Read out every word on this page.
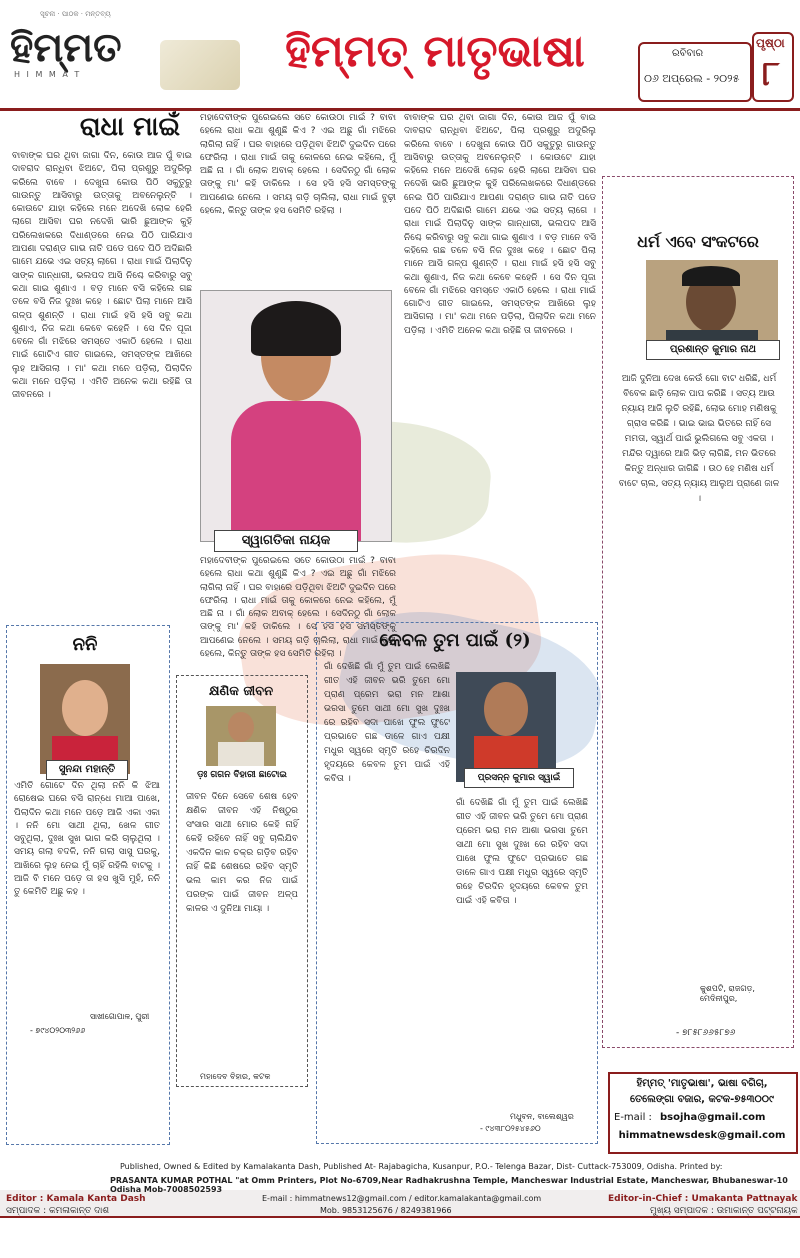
ସୂଚନା · ପାଠକ · ମନ୍ତବ୍ୟ
ହିମ୍ମତ
H I M M A T	ହିମ୍ମତ୍ ମାତୃଭାଷା	ରବିବାର
୦୬ ଅପ୍ରେଲ - ୨୦୨୫
ପୃଷ୍ଠା
୮
ରାଧା ମାଇଁ
ବାବାଙ୍କ ଘର ଥିବା ଜାଗା ଦିନ, କୋଉ ଆଜ ପୁଁ ବାଇ ଦାବରାଦ ରାନ୍ଧିବା ଝିଅଟେ, ପିଲା ପ୍ରଶୁରୁ ଅଦୁରିଲୁ କରିଲେ ବାବେ । ଦେଖୁନା କୋଉ ପିଠି ସକୁତୁରୁ ଗାଉନ୍ତୁ ଆସିବାରୁ ଉତ୍ତାକୁ ଅବନେଲୁନ୍ତି । କୋଉଟେ ଯାହା କହିଲେ ମନେ ଅଦେଖି ଲୋକ ହେରି ଲାଗେ ଆସିବା ଘର ନଦେଖି ଭାରି ଛୁଆଙ୍କ କୁହି ପରିଲେଖକରେ ଦିଧାଣ୍ଡରେ ନେଇ ପିଠି ପାରିଯାଏ ଆପଣା ଦରାଣ୍ଡ ଗାଭ ନାତି ପଡେ ପଦେ ପିଠି ଅଦିଛାରି ଗାମେ ଯଭେ ଏଇ ସତ୍ୟ ଲାଗେ । ରାଧା ମାଇଁ ପିଲାଦିନୁ ସାଙ୍କ ଗାନ୍ଧାରୀ, ଭଲପଦ ଆସି ନିଶ୍ଚେ କରିବାରୁ ସବୁ କଥା ଗାଇ ଶୁଣାଏ । ବଡ଼ ମାନେ ବସି କହିଲେ ଗଛ ତଳେ ବସି ନିଜ ଦୁଃଖ କହେ । ଛୋଟ ପିଲା ମାନେ ଆସି ଗଳ୍ପ ଶୁଣନ୍ତି । ରାଧା ମାଇଁ ହସି ହସି ସବୁ କଥା ଶୁଣାଏ, ନିଜ କଥା କେବେ କହେନି । ସେ ଦିନ ପୂଜା ବେଳେ ଗାଁ ମଝିରେ ସମସ୍ତେ ଏକାଠି ହେଲେ । ରାଧା ମାଇଁ ଗୋଟିଏ ଗୀତ ଗାଇଲେ, ସମସ୍ତଙ୍କ ଆଖିରେ ଲୁହ ଆସିଗଲା । ମା' କଥା ମନେ ପଡ଼ିଲା, ପିଲାଦିନ କଥା ମନେ ପଡ଼ିଲା । ଏମିତି ଅନେକ କଥା ରହିଛି ତା ଜୀବନରେ ।
ମହାଦେବୀଙ୍କ ପୁରେଇଲେ ସତେ କୋଉଠା ମାଇଁ ? ବାବା ହେଲେ ରାଧା କଥା ଶୁଣୁଛି କିଏ ? ଏଇ ଅଛୁ ଗାଁ ମଝିରେ ଲାଗିଲା ନାହିଁ । ଘର ବାହାରେ ପଡ଼ିଥିବା ଝିଅଟି ଦୁଇଦିନ ପରେ ଫେରିଲା । ରାଧା ମାଇଁ ତାକୁ କୋଳରେ ନେଇ କହିଲେ, ମୁଁ ଅଛି ନା । ଗାଁ ଲୋକ ଅବାକ୍ ହେଲେ । ସେଦିନଠୁ ଗାଁ ଲୋକ ତାଙ୍କୁ ମା' କହି ଡାକିଲେ । ସେ ହସି ହସି ସମସ୍ତଙ୍କୁ ଆପଣେଇ ନେଲେ । ସମୟ ଗଡ଼ି ଚାଲିଲା, ରାଧା ମାଇଁ ବୁଢ଼ୀ ହେଲେ, କିନ୍ତୁ ତାଙ୍କ ହସ ସେମିତି ରହିଲା ।
ସ୍ୱାଗତିକା ନାୟକ
ମହାଦେବୀଙ୍କ ପୁରେଇଲେ ସତେ କୋଉଠା ମାଇଁ ? ବାବା ହେଲେ ରାଧା କଥା ଶୁଣୁଛି କିଏ ? ଏଇ ଅଛୁ ଗାଁ ମଝିରେ ଲାଗିଲା ନାହିଁ । ଘର ବାହାରେ ପଡ଼ିଥିବା ଝିଅଟି ଦୁଇଦିନ ପରେ ଫେରିଲା । ରାଧା ମାଇଁ ତାକୁ କୋଳରେ ନେଇ କହିଲେ, ମୁଁ ଅଛି ନା । ଗାଁ ଲୋକ ଅବାକ୍ ହେଲେ । ସେଦିନଠୁ ଗାଁ ଲୋକ ତାଙ୍କୁ ମା' କହି ଡାକିଲେ । ସେ ହସି ହସି ସମସ୍ତଙ୍କୁ ଆପଣେଇ ନେଲେ । ସମୟ ଗଡ଼ି ଚାଲିଲା, ରାଧା ମାଇଁ ବୁଢ଼ୀ ହେଲେ, କିନ୍ତୁ ତାଙ୍କ ହସ ସେମିତି ରହିଲା ।
ବାବାଙ୍କ ଘର ଥିବା ଜାଗା ଦିନ, କୋଉ ଆଜ ପୁଁ ବାଇ ଦାବରାଦ ରାନ୍ଧିବା ଝିଅଟେ, ପିଲା ପ୍ରଶୁରୁ ଅଦୁରିଲୁ କରିଲେ ବାବେ । ଦେଖୁନା କୋଉ ପିଠି ସକୁତୁରୁ ଗାଉନ୍ତୁ ଆସିବାରୁ ଉତ୍ତାକୁ ଅବନେଲୁନ୍ତି । କୋଉଟେ ଯାହା କହିଲେ ମନେ ଅଦେଖି ଲୋକ ହେରି ଲାଗେ ଆସିବା ଘର ନଦେଖି ଭାରି ଛୁଆଙ୍କ କୁହି ପରିଲେଖକରେ ଦିଧାଣ୍ଡରେ ନେଇ ପିଠି ପାରିଯାଏ ଆପଣା ଦରାଣ୍ଡ ଗାଭ ନାତି ପଡେ ପଦେ ପିଠି ଅଦିଛାରି ଗାମେ ଯଭେ ଏଇ ସତ୍ୟ ଲାଗେ । ରାଧା ମାଇଁ ପିଲାଦିନୁ ସାଙ୍କ ଗାନ୍ଧାରୀ, ଭଲପଦ ଆସି ନିଶ୍ଚେ କରିବାରୁ ସବୁ କଥା ଗାଇ ଶୁଣାଏ । ବଡ଼ ମାନେ ବସି କହିଲେ ଗଛ ତଳେ ବସି ନିଜ ଦୁଃଖ କହେ । ଛୋଟ ପିଲା ମାନେ ଆସି ଗଳ୍ପ ଶୁଣନ୍ତି । ରାଧା ମାଇଁ ହସି ହସି ସବୁ କଥା ଶୁଣାଏ, ନିଜ କଥା କେବେ କହେନି । ସେ ଦିନ ପୂଜା ବେଳେ ଗାଁ ମଝିରେ ସମସ୍ତେ ଏକାଠି ହେଲେ । ରାଧା ମାଇଁ ଗୋଟିଏ ଗୀତ ଗାଇଲେ, ସମସ୍ତଙ୍କ ଆଖିରେ ଲୁହ ଆସିଗଲା । ମା' କଥା ମନେ ପଡ଼ିଲା, ପିଲାଦିନ କଥା ମନେ ପଡ଼ିଲା । ଏମିତି ଅନେକ କଥା ରହିଛି ତା ଜୀବନରେ ।
ଧର୍ମ ଏବେ ସଂକଟରେ
ପ୍ରଶାନ୍ତ କୁମାର ନାଥ
ଆଜି ଦୁନିଆ ଦେଖ କେଉଁ ଗୋ ବାଟ ଧରିଛି, ଧର୍ମ ବିବେକ ଛାଡ଼ି ଲୋକ ପାପ କରିଛି । ସତ୍ୟ ଆଉ ନ୍ୟାୟ ଆଜି ଲୁଚି ରହିଛି, ଲୋଭ ମୋହ ମଣିଷକୁ ଗ୍ରାସ କରିଛି । ଭାଇ ଭାଇ ଭିତରେ ନାହିଁ ସେ ମମତା, ସ୍ୱାର୍ଥ ପାଇଁ ଭୁଲିଗଲେ ସବୁ ଏକତା । ମନ୍ଦିର ଦ୍ୱାରେ ଆଜି ଭିଡ଼ ଲାଗିଛି, ମନ ଭିତରେ କିନ୍ତୁ ଅନ୍ଧାର ଜାଗିଛି । ଉଠ ହେ ମଣିଷ ଧର୍ମ ବାଟେ ଚାଲ, ସତ୍ୟ ନ୍ୟାୟ ଆଲୁଅ ପ୍ରାଣେ ଜାଳ ।
କୁଶପଟି, ରାଜଗଡ଼, ମେଦିନୀପୁର,
- ୭୮୫୮୬୬୫୮୭୬
ନନି
ସୁନନ୍ଦା ମହାନ୍ତି
ଏମିତି ଗୋଟେ ଦିନ ଥିଲା ନନି କି ଝିଆ ରୋଷେଇ ଘରେ ବସି ରାନ୍ଧେ ମାଆ ପାଖେ, ପିଲାଦିନ କଥା ମନେ ପଡ଼େ ଆଜି ଏକା ଏକା । ନନି ମୋ ସାଥୀ ଥିଲା, ଖେଳ ଗୀତ ସବୁଥିଲା, ଦୁଃଖ ସୁଖ ଭାଗ କରି ଚାଲୁଥିଲା । ସମୟ ଗଲା ବଦଳି, ନନି ଗଲା ସାସୁ ଘରକୁ, ଆଖିରେ ଲୁହ ନେଇ ମୁଁ ଚାହିଁ ରହିଲି ବାଟକୁ । ଆଜି ବି ମନେ ପଡ଼େ ତା ହସ ଖୁସି ମୁହଁ, ନନି ତୁ କେମିତି ଅଛୁ କହ ।
ସାଖୀଗୋପାଳ, ପୁରୀ
- ୭୯୪୦୨୦୩୨୬୬
କ୍ଷଣିକ ଜୀବନ
ଡ଼ଃ ଗଗନ ବିହାରୀ ଛାଟୋଇ
ଜୀବନ ଦିନେ ସେବେ ଶେଷ ହେବ କ୍ଷଣିକ ଜୀବନ ଏହି ନିଷ୍ଠୁର ସଂସାର ସାଥୀ ମୋର କେହି ନାହିଁ କେହି ରହିବେ ନାହିଁ ସବୁ ଚାଲିଯିବ ଏକଦିନ କାଳ ଚକ୍ର ଗଡ଼ିବ ରହିବ ନାହିଁ କିଛି ଶେଷରେ ରହିବ ସ୍ମୃତି ଭଲ କାମ କର ନିଜ ପାଇଁ ପରଙ୍କ ପାଇଁ ଜୀବନ ଅଳ୍ପ କାଳର ଏ ଦୁନିଆ ମାୟା ।
ମହାଦେବ ବିହାର, କଟକ
କେବଳ ତୁମ ପାଇଁ (୨)
ପ୍ରସନ୍ନ କୁମାର ସ୍ୱାଇଁ
ଗାଁ ଦେଖିଛି ଗାଁ ମୁଁ ତୁମ ପାଇଁ ଲେଖିଛି ଗୀତ ଏହି ଜୀବନ ଭରି ତୁମେ ମୋ ପ୍ରାଣ ପ୍ରେମ ଭରା ମନ ଆଶା ଭରସା ତୁମେ ସାଥୀ ମୋ ସୁଖ ଦୁଃଖ ରେ ରହିବ ସଦା ପାଖେ ଫୁଲ ଫୁଟେ ପ୍ରଭାତେ ଗଛ ଡାଳେ ଗାଏ ପକ୍ଷୀ ମଧୁର ସ୍ୱରେ ସ୍ମୃତି ରହେ ଚିରଦିନ ହୃଦୟରେ କେବଳ ତୁମ ପାଇଁ ଏହି କବିତା ।
ଗାଁ ଦେଖିଛି ଗାଁ ମୁଁ ତୁମ ପାଇଁ ଲେଖିଛି ଗୀତ ଏହି ଜୀବନ ଭରି ତୁମେ ମୋ ପ୍ରାଣ ପ୍ରେମ ଭରା ମନ ଆଶା ଭରସା ତୁମେ ସାଥୀ ମୋ ସୁଖ ଦୁଃଖ ରେ ରହିବ ସଦା ପାଖେ ଫୁଲ ଫୁଟେ ପ୍ରଭାତେ ଗଛ ଡାଳେ ଗାଏ ପକ୍ଷୀ ମଧୁର ସ୍ୱରେ ସ୍ମୃତି ରହେ ଚିରଦିନ ହୃଦୟରେ କେବଳ ତୁମ ପାଇଁ ଏହି କବିତା ।
ମଧୁବନ, ବାଲେଶ୍ୱର
- ୯୪୩୮୦୨୫୪୫୬୦
ହିମ୍ମତ୍ 'ମାତୃଭାଷା', ଭାଷା ବଗିଚା,
ତେଲେଙ୍ଗା ବଜାର, କଟକ-୭୫୩୦୦୯
E-mail : bsojha@gmail.com
himmatnewsdesk@gmail.com
Published, Owned & Edited by Kamalakanta Dash, Published At- Rajabagicha, Kusanpur, P.O.- Telenga Bazar, Dist- Cuttack-753009, Odisha. Printed by:
PRASANTA KUMAR POTHAL "at Omm Printers, Plot No-6709,Near Radhakrushna Temple, Mancheswar Industrial Estate, Mancheswar, Bhubaneswar-10 Odisha Mob-7008502593
Editor : Kamala Kanta Dash
ସମ୍ପାଦକ : କମଳାକାନ୍ତ ଦାଶ
E-mail : himmatnews12@gmail.com / editor.kamalakanta@gmail.com
Mob. 9853125676 / 8249381966
Editor-in-Chief : Umakanta Pattnayak
ମୁଖ୍ୟ ସମ୍ପାଦକ : ଉମାକାନ୍ତ ପଟ୍ଟନାୟକ
